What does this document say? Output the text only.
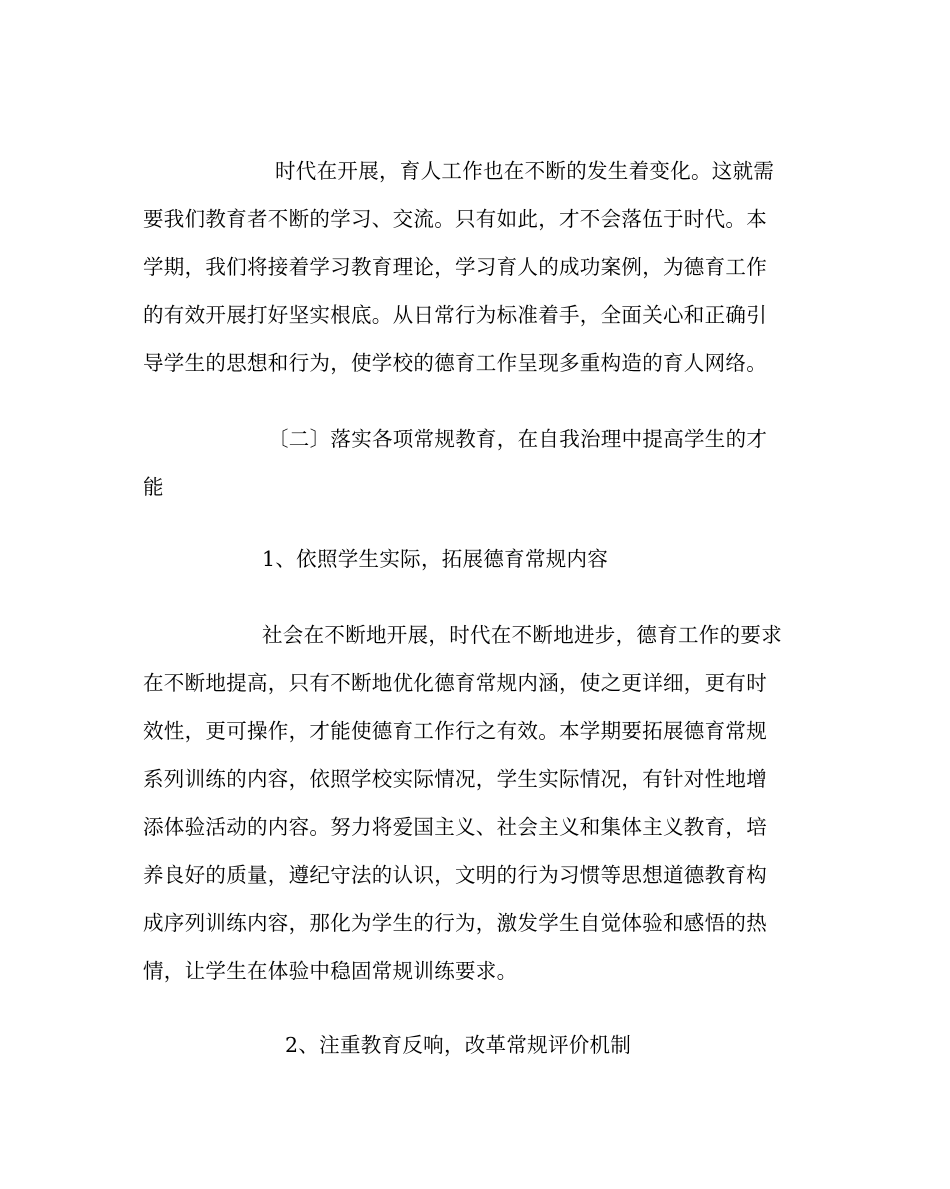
时代在开展，育人工作也在不断的发生着变化。这就需
要我们教育者不断的学习、交流。只有如此，才不会落伍于时代。本
学期，我们将接着学习教育理论，学习育人的成功案例，为德育工作
的有效开展打好坚实根底。从日常行为标准着手，全面关心和正确引
导学生的思想和行为，使学校的德育工作呈现多重构造的育人网络。
〔二〕落实各项常规教育，在自我治理中提高学生的才
能
1、依照学生实际，拓展德育常规内容
社会在不断地开展，时代在不断地进步，德育工作的要求
在不断地提高，只有不断地优化德育常规内涵，使之更详细，更有时
效性，更可操作，才能使德育工作行之有效。本学期要拓展德育常规
系列训练的内容，依照学校实际情况，学生实际情况，有针对性地增
添体验活动的内容。努力将爱国主义、社会主义和集体主义教育，培
养良好的质量，遵纪守法的认识，文明的行为习惯等思想道德教育构
成序列训练内容，那化为学生的行为，激发学生自觉体验和感悟的热
情，让学生在体验中稳固常规训练要求。
2、注重教育反响，改革常规评价机制
